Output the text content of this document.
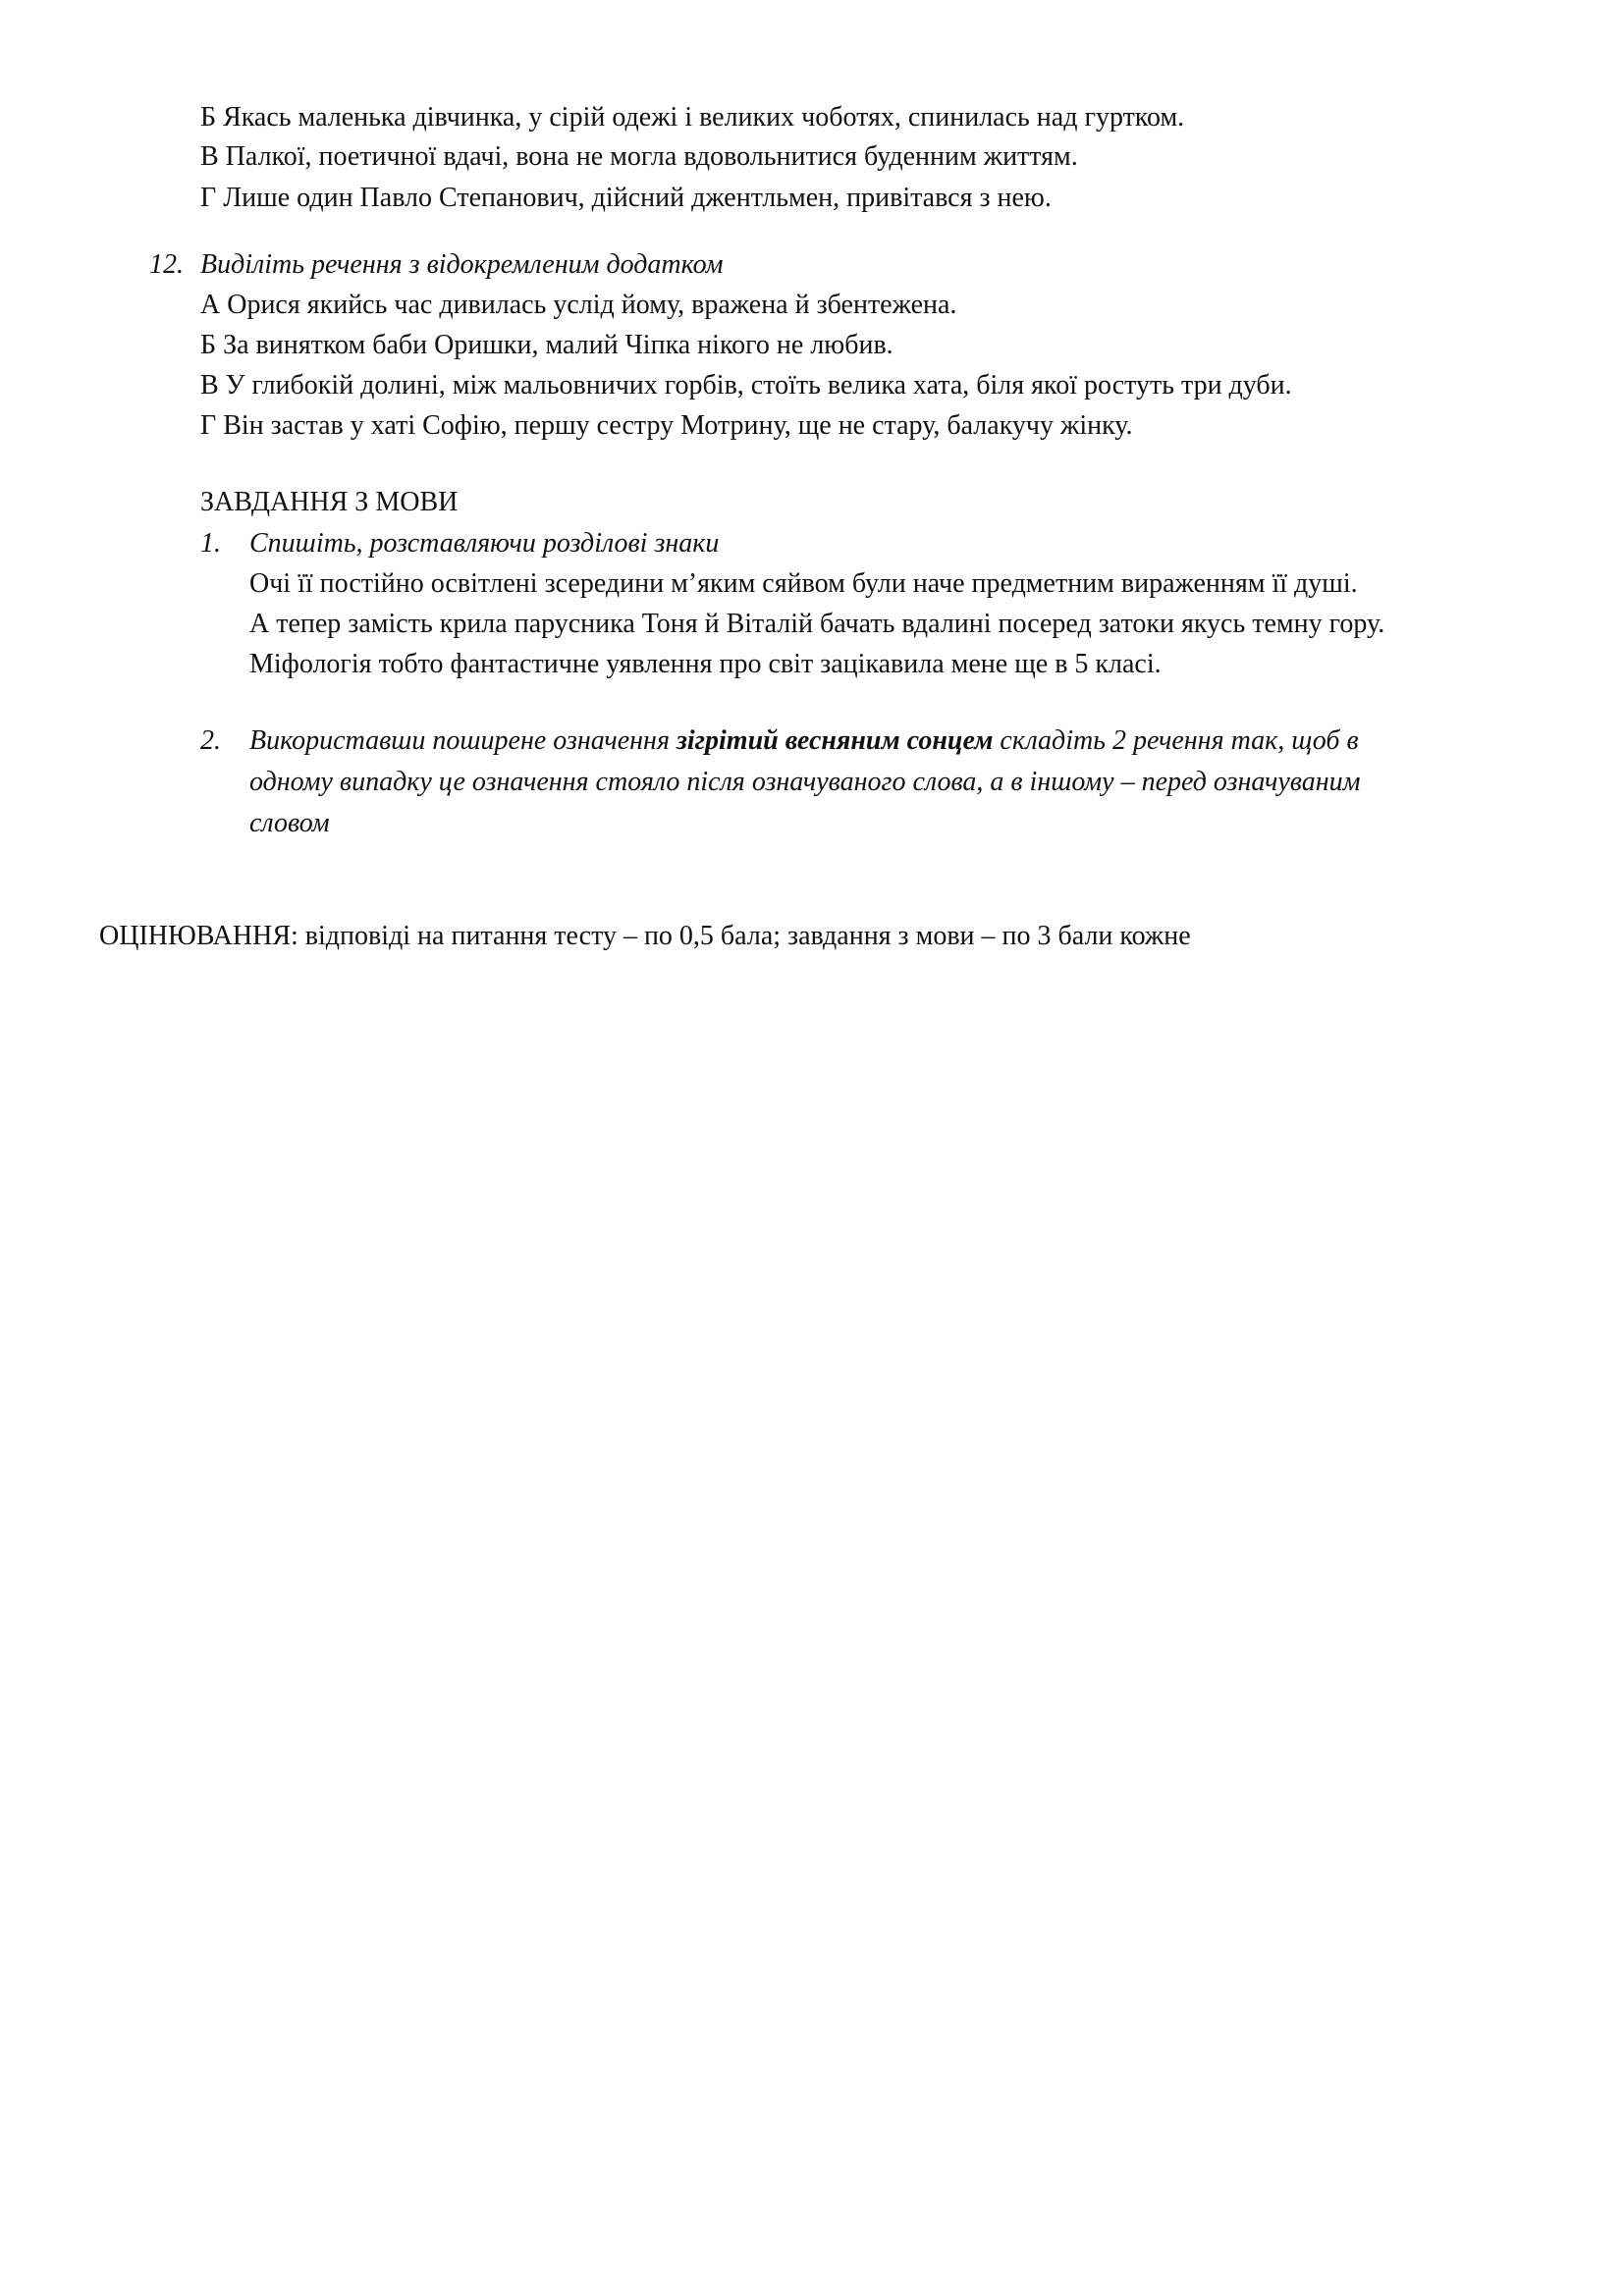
Б Якась маленька дівчинка, у сірій одежі і великих чоботях, спинилась над гуртком.
В Палкої, поетичної вдачі, вона не могла вдовольнитися буденним життям.
Г Лише один Павло Степанович, дійсний джентльмен, привітався з нею.
12. Виділіть речення з відокремленим додатком
А Орися якийсь час дивилась услід йому, вражена й збентежена.
Б За винятком баби Оришки, малий Чіпка нікого не любив.
В У глибокій долині, між мальовничих горбів, стоїть велика хата, біля якої ростуть три дуби.
Г Він застав у хаті Софію, першу сестру Мотрину, ще не стару, балакучу жінку.
ЗАВДАННЯ З МОВИ
1. Спишіть, розставляючи розділові знаки
Очі її постійно освітлені зсередини м’яким сяйвом були наче предметним вираженням її душі.
А тепер замість крила парусника Тоня й Віталій бачать вдалині посеред затоки якусь темну гору.
Міфологія тобто фантастичне уявлення про світ зацікавила мене ще в 5 класі.
2. Використавши поширене означення зігрітий весняним сонцем складіть 2 речення так, щоб в
одному випадку це означення стояло після означуваного слова, а в іншому – перед означуваним
словом
ОЦІНЮВАННЯ: відповіді на питання тесту – по 0,5 бала; завдання з мови – по 3 бали кожне
